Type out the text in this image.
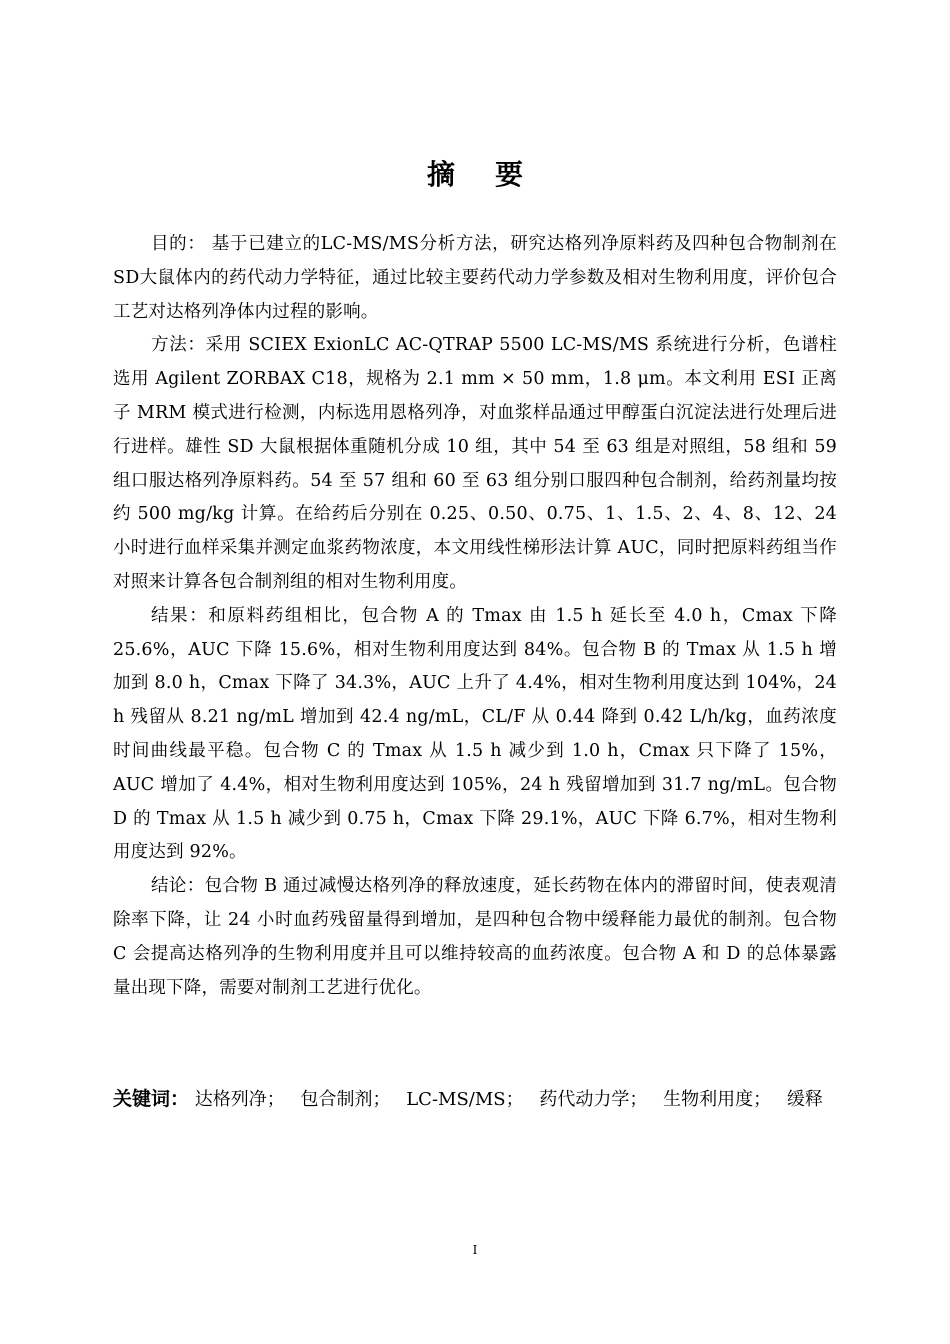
摘要

目的： 基于已建立的LC-MS/MS分析方法，研究达格列净原料药及四种包合物制剂在SD大鼠体内的药代动力学特征，通过比较主要药代动力学参数及相对生物利用度，评价包合工艺对达格列净体内过程的影响。

方法：采用 SCIEX ExionLC AC-QTRAP 5500 LC-MS/MS 系统进行分析，色谱柱选用 Agilent ZORBAX C18，规格为 2.1 mm × 50 mm，1.8 μm。本文利用 ESI 正离子 MRM 模式进行检测，内标选用恩格列净，对血浆样品通过甲醇蛋白沉淀法进行处理后进行进样。雄性 SD 大鼠根据体重随机分成 10 组，其中 54 至 63 组是对照组，58 组和 59 组口服达格列净原料药。54 至 57 组和 60 至 63 组分别口服四种包合制剂，给药剂量均按约 500 mg/kg 计算。在给药后分别在 0.25、0.50、0.75、1、1.5、2、4、8、12、24 小时进行血样采集并测定血浆药物浓度，本文用线性梯形法计算 AUC，同时把原料药组当作对照来计算各包合制剂组的相对生物利用度。

结果：和原料药组相比，包合物 A 的 Tmax 由 1.5 h 延长至 4.0 h，Cmax 下降 25.6%，AUC 下降 15.6%，相对生物利用度达到 84%。包合物 B 的 Tmax 从 1.5 h 增加到 8.0 h，Cmax 下降了 34.3%，AUC 上升了 4.4%，相对生物利用度达到 104%，24 h 残留从 8.21 ng/mL 增加到 42.4 ng/mL，CL/F 从 0.44 降到 0.42 L/h/kg，血药浓度时间曲线最平稳。包合物 C 的 Tmax 从 1.5 h 减少到 1.0 h，Cmax 只下降了 15%，AUC 增加了 4.4%，相对生物利用度达到 105%，24 h 残留增加到 31.7 ng/mL。包合物 D 的 Tmax 从 1.5 h 减少到 0.75 h，Cmax 下降 29.1%，AUC 下降 6.7%，相对生物利用度达到 92%。

结论：包合物 B 通过减慢达格列净的释放速度，延长药物在体内的滞留时间，使表观清除率下降，让 24 小时血药残留量得到增加，是四种包合物中缓释能力最优的制剂。包合物 C 会提高达格列净的生物利用度并且可以维持较高的血药浓度。包合物 A 和 D 的总体暴露量出现下降，需要对制剂工艺进行优化。

关键词： 达格列净； 包合制剂； LC-MS/MS； 药代动力学； 生物利用度； 缓释
I
